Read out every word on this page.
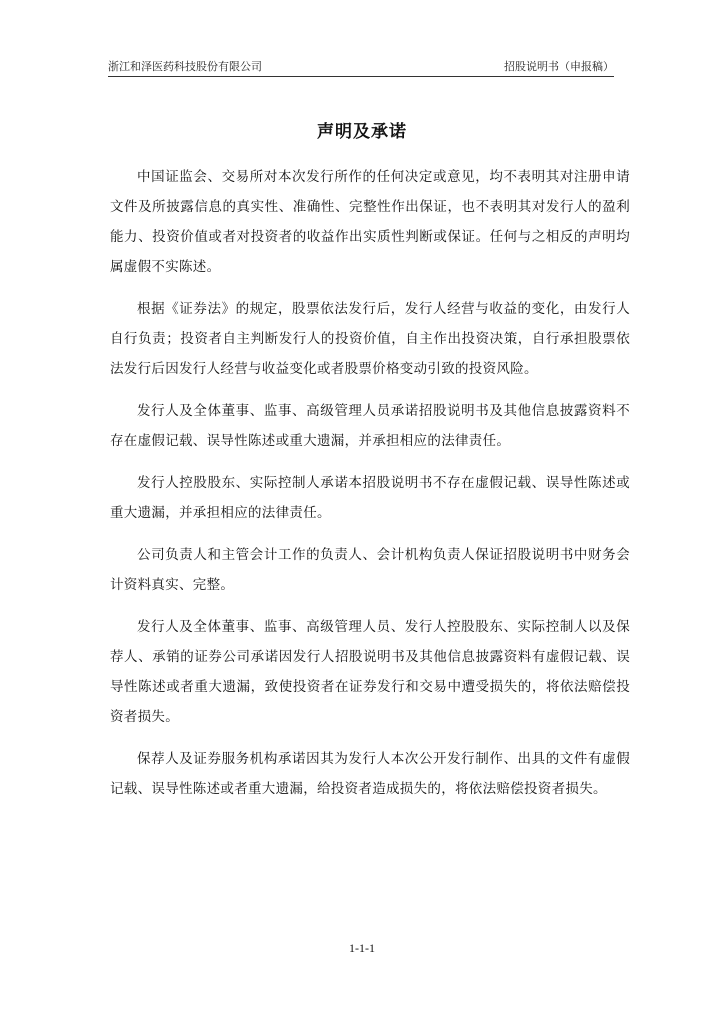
浙江和泽医药科技股份有限公司	招股说明书（申报稿）
声明及承诺

中国证监会、交易所对本次发行所作的任何决定或意见，均不表明其对注册申请文件及所披露信息的真实性、准确性、完整性作出保证，也不表明其对发行人的盈利能力、投资价值或者对投资者的收益作出实质性判断或保证。任何与之相反的声明均属虚假不实陈述。

根据《证券法》的规定，股票依法发行后，发行人经营与收益的变化，由发行人自行负责；投资者自主判断发行人的投资价值，自主作出投资决策，自行承担股票依法发行后因发行人经营与收益变化或者股票价格变动引致的投资风险。

发行人及全体董事、监事、高级管理人员承诺招股说明书及其他信息披露资料不存在虚假记载、误导性陈述或重大遗漏，并承担相应的法律责任。

发行人控股股东、实际控制人承诺本招股说明书不存在虚假记载、误导性陈述或重大遗漏，并承担相应的法律责任。

公司负责人和主管会计工作的负责人、会计机构负责人保证招股说明书中财务会计资料真实、完整。

发行人及全体董事、监事、高级管理人员、发行人控股股东、实际控制人以及保荐人、承销的证券公司承诺因发行人招股说明书及其他信息披露资料有虚假记载、误导性陈述或者重大遗漏，致使投资者在证券发行和交易中遭受损失的，将依法赔偿投资者损失。

保荐人及证券服务机构承诺因其为发行人本次公开发行制作、出具的文件有虚假记载、误导性陈述或者重大遗漏，给投资者造成损失的，将依法赔偿投资者损失。

1-1-1
